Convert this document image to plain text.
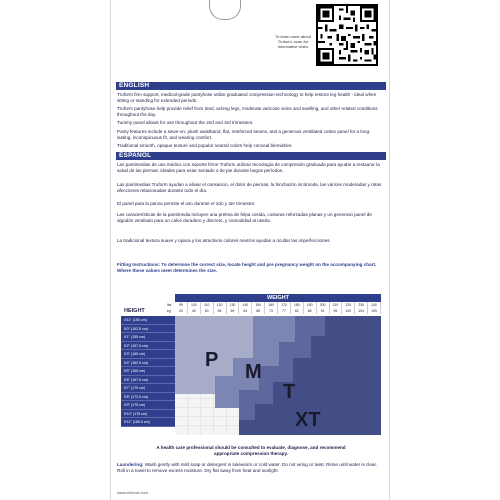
To learn more about Truform, scan for informative video
ENGLISH
Truform firm support, medical-grade pantyhose utilize graduated compression technology to help restore leg health - ideal when sitting or standing for extended periods.
Truform pantyhose help provide relief from tired, aching legs, moderate varicose veins and swelling, and other related conditions throughout the day.
Tummy panel allows for use throughout the 2nd and 3rd trimesters.
Panty features include a sewn-on, plush waistband, flat, reinforced seams, and a generous ventilated cotton panel for a long-lasting, inconspicuous fit, and wearing comfort.
Traditional smooth, opaque texture and popular neutral colors help conceal blemishes.
ESPAÑOL
Las pantimedias de uso médico con soporte firme Truform utilizan tecnología de compresión graduada para ayudar a restaurar la salud de las piernas; ideales para estar sentado o de pie durante largos períodos.
Las pantimedias Truform ayudan a aliviar el cansancio, el dolor de piernas, la hinchazón incómoda, las várices moderadas y otras afecciones relacionadas durante todo el día.
El panel para la panza permite el uso durante el 2do y 3er trimestre.
Las características de la pantimedia incluyen una pretina de felpa cosida, costuras reforzadas planas y un generoso panel de algodón ventilado para un calce duradero y discreto, y comodidad al usarla.
La tradicional textura suave y opaca y los atractivos colores neutros ayudan a ocultar las imperfecciones.
Fitting Instructions: To determine the correct size, locate height and pre pregnancy weight on the accompanying chart. Where these values meet determines the size.
WEIGHT
lbs	95	100	110	120	130	140	150	160	170	180	190	200	210	220	230	240
kg	43	45	50	54	59	64	68	73	77	82	86	91	95	100	104	109
HEIGHT
4'11" (150 cm)
5'0" (152.5 cm)
5'1" (155 cm)
5'2" (157.5 cm)
5'3" (160 cm)
5'4" (162.5 cm)
5'5" (165 cm)
5'6" (167.5 cm)
5'7" (170 cm)
5'8" (172.5 cm)
5'9" (175 cm)
5'10" (178 cm)
5'11" (180.5 cm)
P
M
T
XT
A health care professional should be consulted to evaluate, diagnose, and recommend appropriate compression therapy.
Laundering: Wash gently with mild soap or detergent in lukewarm or cold water. Do not wring or twist. Rinse until water is clear. Roll in a towel to remove excess moisture. Dry flat away from heat and sunlight.
www.truform.com
